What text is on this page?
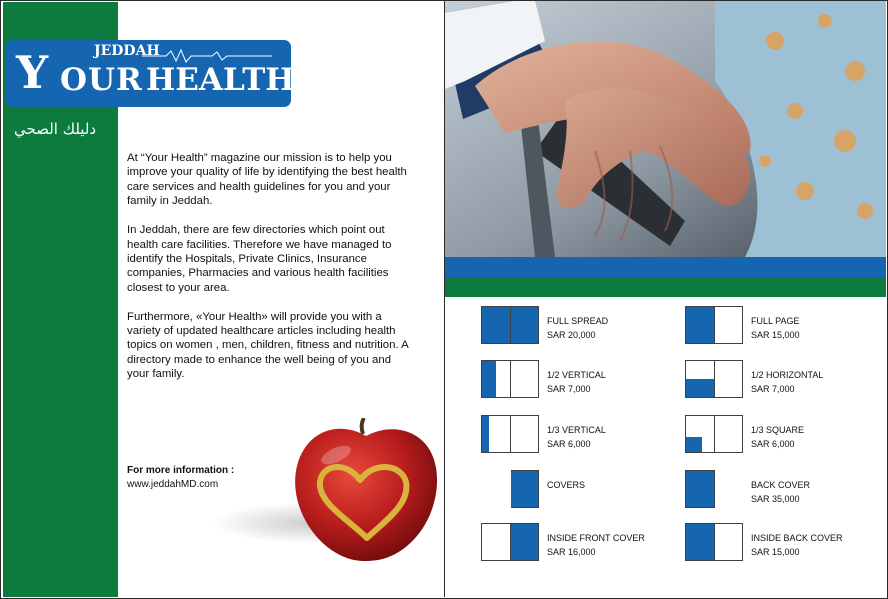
Y	JEDDAH
OUR HEALTH
دليلك الصحي

At “Your Health” magazine our mission is to help you improve your quality of life by identifying the best health care services and health guidelines for you and your family in Jeddah.

In Jeddah, there are few directories which point out health care facilities. Therefore we have managed to identify the Hospitals, Private Clinics, Insurance companies, Pharmacies and various health facilities closest to your area.

Furthermore, «Your Health» will provide you with a variety of updated healthcare articles including health topics on women , men, children, fitness and nutrition. A directory made to enhance the well being of you and your family.

For more information :
www.jeddahMD.com
FULL SPREAD
SAR 20,000
FULL PAGE
SAR 15,000
1/2 VERTICAL
SAR 7,000
1/2 HORIZONTAL
SAR 7,000
1/3 VERTICAL
SAR 6,000
1/3 SQUARE
SAR 6,000
COVERS	BACK COVER
SAR 35,000
INSIDE FRONT COVER
SAR 16,000
INSIDE BACK COVER
SAR 15,000
